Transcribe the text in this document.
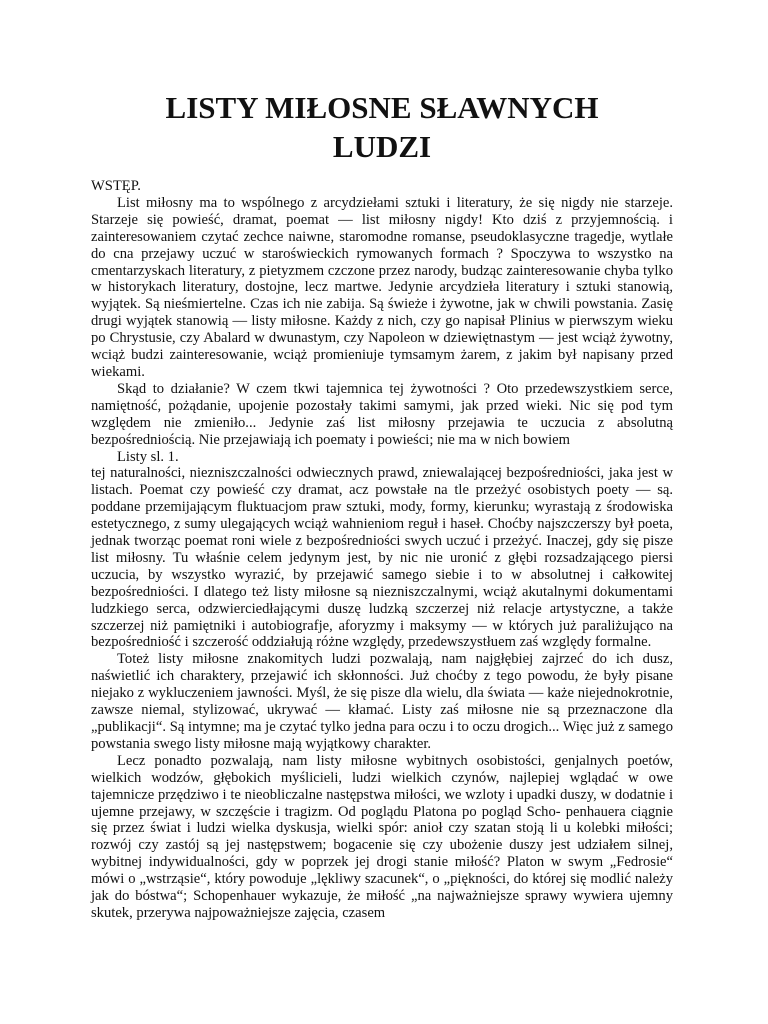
LISTY MIŁOSNE SŁAWNYCH
LUDZI
WSTĘP.

List miłosny ma to wspólnego z arcydziełami sztuki i literatury, że się nigdy nie starzeje. Starzeje się powieść, dramat, poemat — list miłosny nigdy! Kto dziś z przyjemnością. i zainteresowaniem czytać zechce naiwne, staromodne romanse, pseudoklasyczne tragedje, wytlałe do cna przejawy uczuć w staroświeckich rymowanych formach ? Spoczywa to wszystko na cmentarzyskach literatury, z pietyzmem czczone przez narody, budząc zainteresowanie chyba tylko w historykach literatury, dostojne, lecz martwe. Jedynie arcydzieła literatury i sztuki stanowią, wyjątek. Są nieśmiertelne. Czas ich nie zabija. Są świeże i żywotne, jak w chwili powstania. Zasię drugi wyjątek stanowią — listy miłosne. Każdy z nich, czy go napisał Plinius w pierwszym wieku po Chrystusie, czy Abalard w dwunastym, czy Napoleon w dziewiętnastym — jest wciąż żywotny, wciąż budzi zainteresowanie, wciąż promieniuje tymsamym żarem, z jakim był napisany przed wiekami.

Skąd to działanie? W czem tkwi tajemnica tej żywotności ? Oto przedewszystkiem serce, namiętność, pożądanie, upojenie pozostały takimi samymi, jak przed wieki. Nic się pod tym względem nie zmieniło... Jedynie zaś list miłosny przejawia te uczucia z absolutną bezpośredniością. Nie przejawiają ich poematy i powieści; nie ma w nich bowiem

Listy sl. 1.

tej naturalności, niezniszczalności odwiecznych prawd, zniewalającej bezpośredniości, jaka jest w listach. Poemat czy powieść czy dramat, acz powstałe na tle przeżyć osobistych poety — są. poddane przemijającym fluktuacjom praw sztuki, mody, formy, kierunku; wyrastają z środowiska estetycznego, z sumy ulegających wciąż wahnieniom reguł i haseł. Choćby najszczerszy był poeta, jednak tworząc poemat roni wiele z bezpośredniości swych uczuć i przeżyć. Inaczej, gdy się pisze list miłosny. Tu właśnie celem jedynym jest, by nic nie uronić z głębi rozsadzającego piersi uczucia, by wszystko wyrazić, by przejawić samego siebie i to w absolutnej i całkowitej bezpośredniości. I dlatego też listy miłosne są niezniszczalnymi, wciąż akutalnymi dokumentami ludzkiego serca, odzwierciedłającymi duszę ludzką szczerzej niż relacje artystyczne, a także szczerzej niż pamiętniki i autobiografje, aforyzmy i maksymy — w których już paraliżująco na bezpośredniość i szczerość oddziałują różne względy, przedewszystłuem zaś względy formalne.

Toteż listy miłosne znakomitych ludzi pozwalają, nam najgłębiej zajrzeć do ich dusz, naświetlić ich charaktery, przejawić ich skłonności. Już choćby z tego powodu, że były pisane niejako z wykluczeniem jawności. Myśl, że się pisze dla wielu, dla świata — każe niejednokrotnie, zawsze niemal, stylizować, ukrywać — kłamać. Listy zaś miłosne nie są przeznaczone dla „publikacji“. Są intymne; ma je czytać tylko jedna para oczu i to oczu drogich... Więc już z samego powstania swego listy miłosne mają wyjątkowy charakter.

Lecz ponadto pozwalają, nam listy miłosne wybitnych osobistości, genjalnych poetów, wielkich wodzów, głębokich myślicieli, ludzi wielkich czynów, najlepiej wglądać w owe tajemnicze przędziwo i te nieobliczalne następstwa miłości, we wzloty i upadki duszy, w dodatnie i ujemne przejawy, w szczęście i tragizm. Od poglądu Platona po pogląd Scho- penhauera ciągnie się przez świat i ludzi wielka dyskusja, wielki spór: anioł czy szatan stoją li u kolebki miłości; rozwój czy zastój są jej następstwem; bogacenie się czy ubożenie duszy jest udziałem silnej, wybitnej indywidualności, gdy w poprzek jej drogi stanie miłość? Platon w swym „Fedrosie“ mówi o „wstrząsie“, który powoduje „lękliwy szacunek“, o „piękności, do której się modlić należy jak do bóstwa“; Schopenhauer wykazuje, że miłość „na najważniejsze sprawy wywiera ujemny skutek, przerywa najpoważniejsze zajęcia, czasem
